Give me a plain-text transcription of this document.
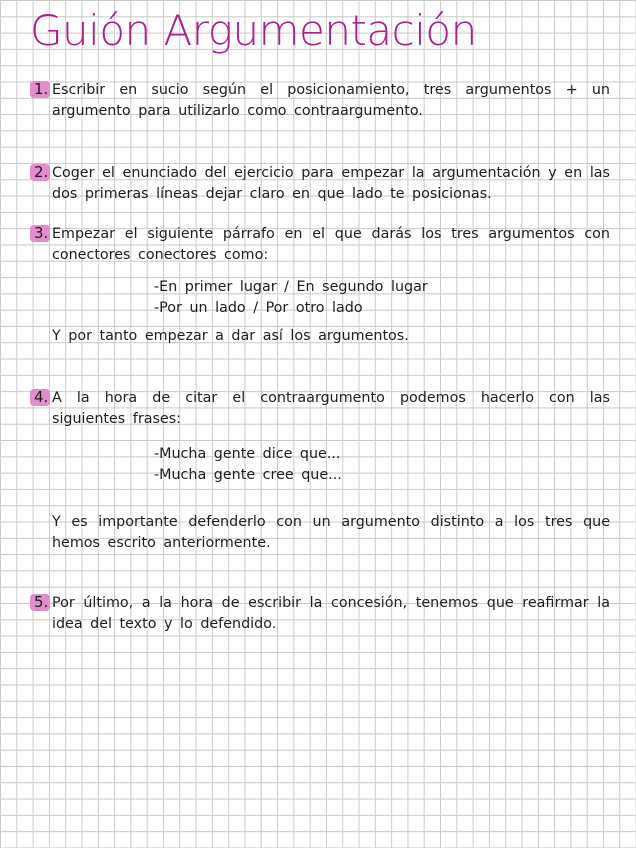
Guión Argumentación
1. Escribir en sucio según el posicionamiento, tres argumentos + un argumento para utilizarlo como contraargumento.
2. Coger el enunciado del ejercicio para empezar la argumentación y en las dos primeras líneas dejar claro en que lado te posicionas.
3. Empezar el siguiente párrafo en el que darás los tres argumentos con conectores conectores como:
-En primer lugar / En segundo lugar
-Por un lado / Por otro lado
Y por tanto empezar a dar así los argumentos.
4. A la hora de citar el contraargumento podemos hacerlo con las siguientes frases:
-Mucha gente dice que...
-Mucha gente cree que...
Y es importante defenderlo con un argumento distinto a los tres que hemos escrito anteriormente.
5. Por último, a la hora de escribir la concesión, tenemos que reafirmar la idea del texto y lo defendido.
